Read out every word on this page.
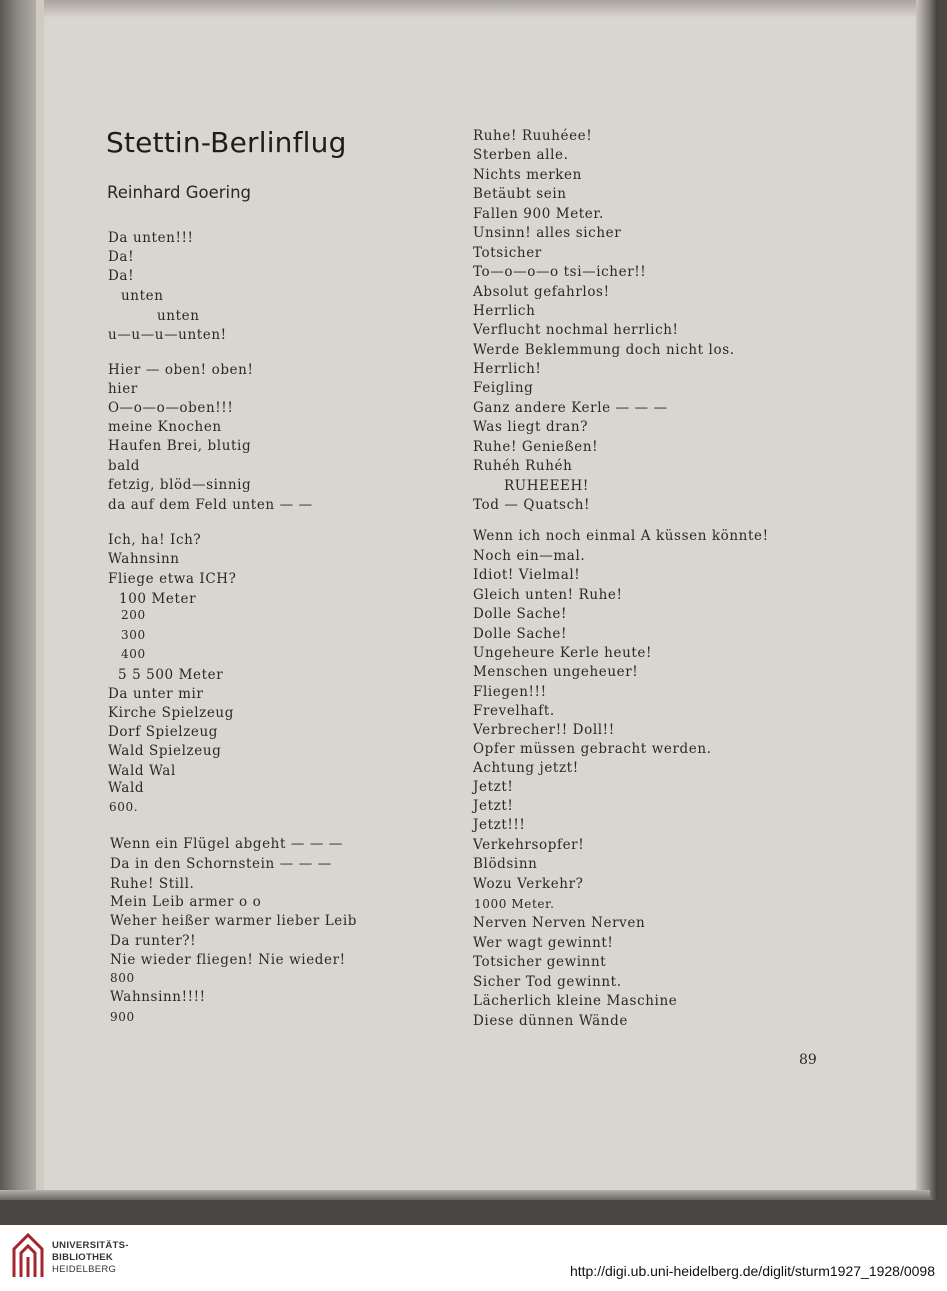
Stettin-Berlinflug
Reinhard Goering
Da unten!!!
Da!
Da!
unten
unten
u—u—u—unten!
Hier — oben! oben!
hier
O—o—o—oben!!!
meine Knochen
Haufen Brei, blutig
bald
fetzig, blöd—sinnig
da auf dem Feld unten — —
Ich, ha! Ich?
Wahnsinn
Fliege etwa ICH?
100 Meter
200
300
400
5 5 500 Meter
Da unter mir
Kirche Spielzeug
Dorf Spielzeug
Wald Spielzeug
Wald Wal
Wald
600.
Wenn ein Flügel abgeht — — —
Da in den Schornstein — — —
Ruhe! Still.
Mein Leib armer o o
Weher heißer warmer lieber Leib
Da runter?!
Nie wieder fliegen! Nie wieder!
800
Wahnsinn!!!!
900
Ruhe! Ruuhéee!
Sterben alle.
Nichts merken
Betäubt sein
Fallen 900 Meter.
Unsinn! alles sicher
Totsicher
To—o—o—o tsi—icher!!
Absolut gefahrlos!
Herrlich
Verflucht nochmal herrlich!
Werde Beklemmung doch nicht los.
Herrlich!
Feigling
Ganz andere Kerle — — —
Was liegt dran?
Ruhe! Genießen!
Ruhéh Ruhéh
RUHEEEH!
Tod — Quatsch!
Wenn ich noch einmal A küssen könnte!
Noch ein—mal.
Idiot! Vielmal!
Gleich unten! Ruhe!
Dolle Sache!
Dolle Sache!
Ungeheure Kerle heute!
Menschen ungeheuer!
Fliegen!!!
Frevelhaft.
Verbrecher!! Doll!!
Opfer müssen gebracht werden.
Achtung jetzt!
Jetzt!
Jetzt!
Jetzt!!!
Verkehrsopfer!
Blödsinn
Wozu Verkehr?
1000 Meter.
Nerven Nerven Nerven
Wer wagt gewinnt!
Totsicher gewinnt
Sicher Tod gewinnt.
Lächerlich kleine Maschine
Diese dünnen Wände
89
UNIVERSITÄTS-
BIBLIOTHEK
HEIDELBERG	http://digi.ub.uni-heidelberg.de/diglit/sturm1927_1928/0098
